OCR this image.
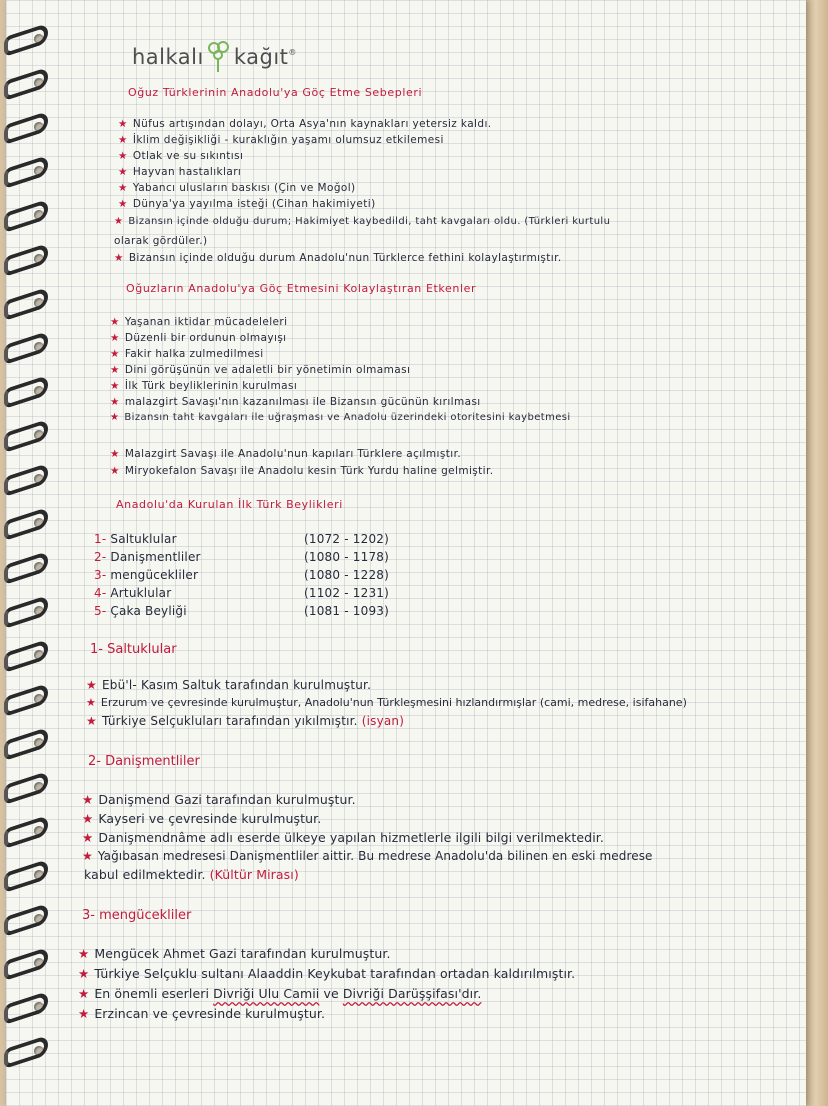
halkalı kağıt ®
Oğuz Türklerinin Anadolu'ya Göç Etme Sebepleri
★ Nüfus artışından dolayı, Orta Asya'nın kaynakları yetersiz kaldı.
★ İklim değişikliği - kuraklığın yaşamı olumsuz etkilemesi
★ Otlak ve su sıkıntısı
★ Hayvan hastalıkları
★ Yabancı ulusların baskısı (Çin ve Moğol)
★ Dünya'ya yayılma isteği (Cihan hakimiyeti)
★ Bizansın içinde olduğu durum; Hakimiyet kaybedildi, taht kavgaları oldu. (Türkleri kurtulu
olarak gördüler.)
★ Bizansın içinde olduğu durum Anadolu'nun Türklerce fethini kolaylaştırmıştır.
Oğuzların Anadolu'ya Göç Etmesini Kolaylaştıran Etkenler
★ Yaşanan iktidar mücadeleleri
★ Düzenli bir ordunun olmayışı
★ Fakir halka zulmedilmesi
★ Dini görüşünün ve adaletli bir yönetimin olmaması
★ İlk Türk beyliklerinin kurulması
★ malazgirt Savaşı'nın kazanılması ile Bizansın gücünün kırılması
★ Bizansın taht kavgaları ile uğraşması ve Anadolu üzerindeki otoritesini kaybetmesi
★ Malazgirt Savaşı ile Anadolu'nun kapıları Türklere açılmıştır.
★ Miryokefalon Savaşı ile Anadolu kesin Türk Yurdu haline gelmiştir.
Anadolu'da Kurulan İlk Türk Beylikleri
1- Saltuklular	(1072 - 1202)
2- Danişmentliler	(1080 - 1178)
3- mengücekliler	(1080 - 1228)
4- Artuklular	(1102 - 1231)
5- Çaka Beyliği	(1081 - 1093)
1- Saltuklular
★ Ebü'l- Kasım Saltuk tarafından kurulmuştur.
★ Erzurum ve çevresinde kurulmuştur, Anadolu'nun Türkleşmesini hızlandırmışlar (cami, medrese, isifahane)
★ Türkiye Selçukluları tarafından yıkılmıştır. (isyan)
2- Danişmentliler
★ Danişmend Gazi tarafından kurulmuştur.
★ Kayseri ve çevresinde kurulmuştur.
★ Danişmendnâme adlı eserde ülkeye yapılan hizmetlerle ilgili bilgi verilmektedir.
★ Yağıbasan medresesi Danişmentliler aittir. Bu medrese Anadolu'da bilinen en eski medrese
kabul edilmektedir. (Kültür Mirası)
3- mengücekliler
★ Mengücek Ahmet Gazi tarafından kurulmuştur.
★ Türkiye Selçuklu sultanı Alaaddin Keykubat tarafından ortadan kaldırılmıştır.
★ En önemli eserleri Divriği Ulu Camii ve Divriği Darüşşifası'dır.
★ Erzincan ve çevresinde kurulmuştur.
